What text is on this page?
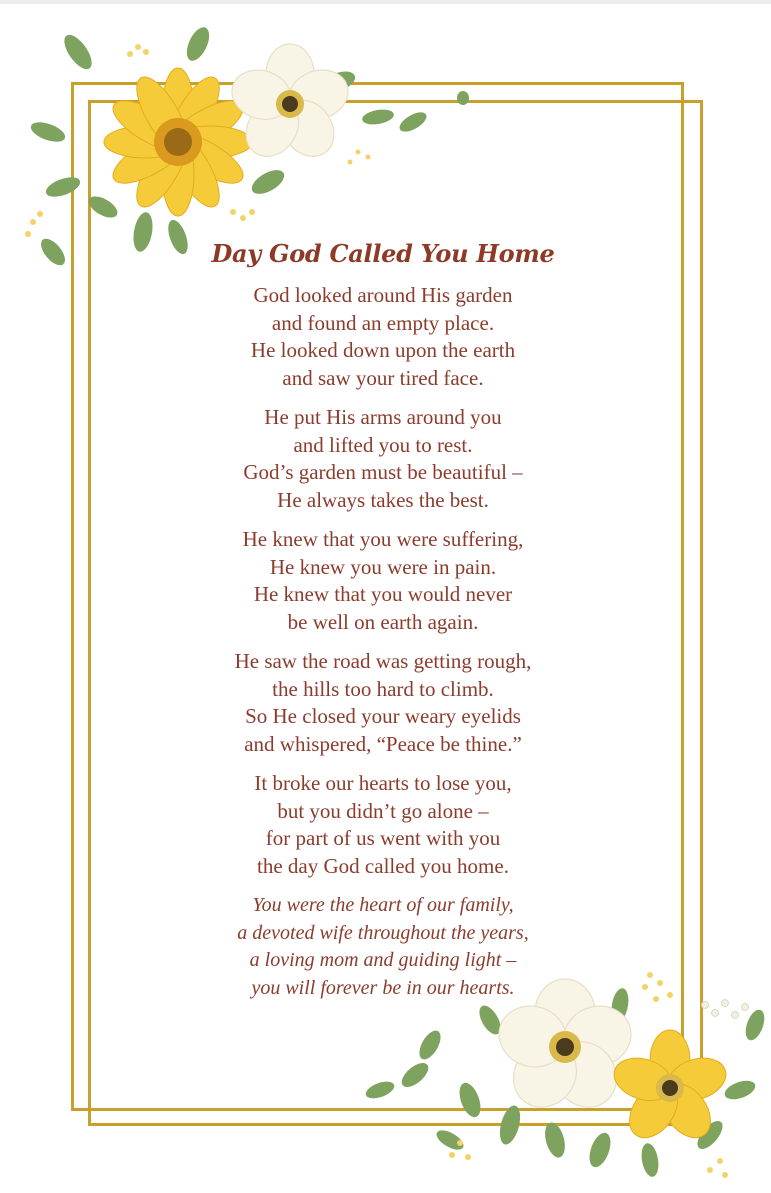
Day God Called You Home
God looked around His garden
and found an empty place.
He looked down upon the earth
and saw your tired face.
He put His arms around you
and lifted you to rest.
God’s garden must be beautiful –
He always takes the best.
He knew that you were suffering,
He knew you were in pain.
He knew that you would never
be well on earth again.
He saw the road was getting rough,
the hills too hard to climb.
So He closed your weary eyelids
and whispered, “Peace be thine.”
It broke our hearts to lose you,
but you didn’t go alone –
for part of us went with you
the day God called you home.
You were the heart of our family,
a devoted wife throughout the years,
a loving mom and guiding light –
you will forever be in our hearts.
